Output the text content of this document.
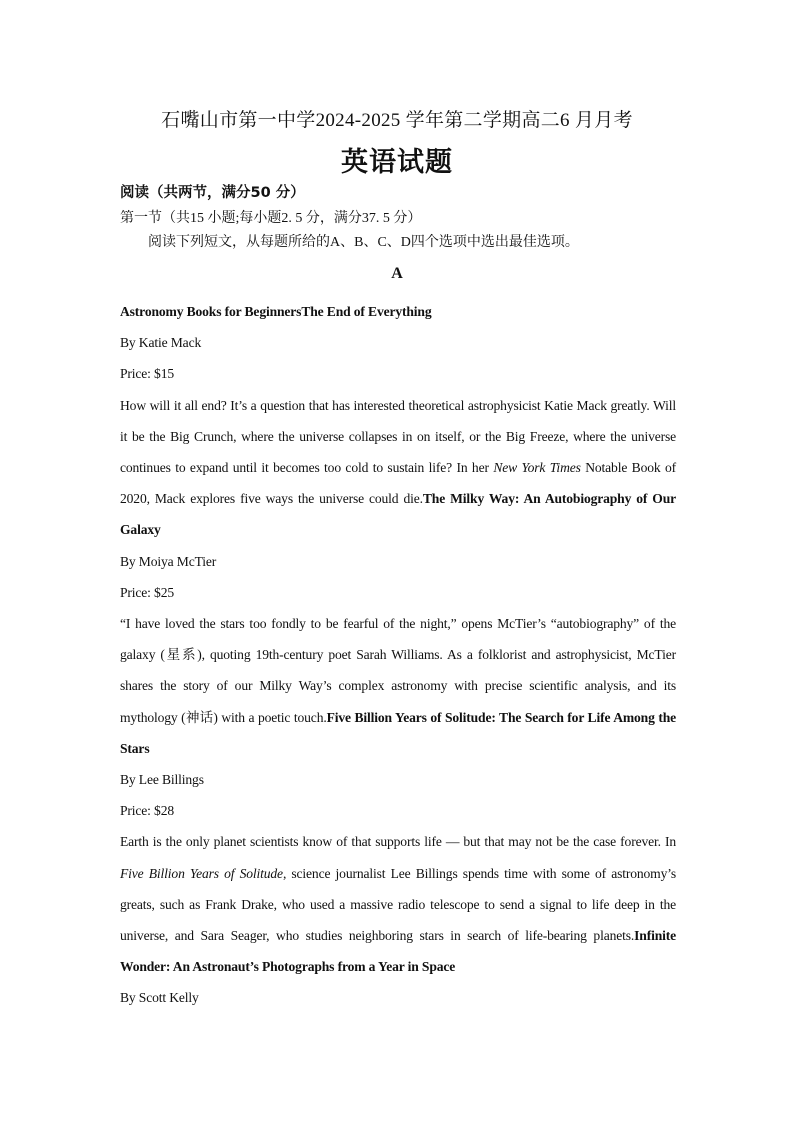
石嘴山市第一中学2024-2025 学年第二学期高二6 月月考
英语试题
阅读（共两节，满分50 分）
第一节（共15 小题;每小题2. 5 分，满分37. 5 分）
阅读下列短文，从每题所给的A、B、C、D四个选项中选出最佳选项。
A

Astronomy Books for BeginnersThe End of Everything

By Katie Mack

Price: $15

How will it all end? It’s a question that has interested theoretical astrophysicist Katie Mack greatly. Will it be the Big Crunch, where the universe collapses in on itself, or the Big Freeze, where the universe continues to expand until it becomes too cold to sustain life? In her New York Times Notable Book of 2020, Mack explores five ways the universe could die.The Milky Way: An Autobiography of Our Galaxy

By Moiya McTier

Price: $25

“I have loved the stars too fondly to be fearful of the night,” opens McTier’s “autobiography” of the galaxy (星系), quoting 19th-century poet Sarah Williams. As a folklorist and astrophysicist, McTier shares the story of our Milky Way’s complex astronomy with precise scientific analysis, and its mythology (神话) with a poetic touch.Five Billion Years of Solitude: The Search for Life Among the Stars

By Lee Billings

Price: $28

Earth is the only planet scientists know of that supports life — but that may not be the case forever. In Five Billion Years of Solitude, science journalist Lee Billings spends time with some of astronomy’s greats, such as Frank Drake, who used a massive radio telescope to send a signal to life deep in the universe, and Sara Seager, who studies neighboring stars in search of life-bearing planets.Infinite Wonder: An Astronaut’s Photographs from a Year in Space

By Scott Kelly
